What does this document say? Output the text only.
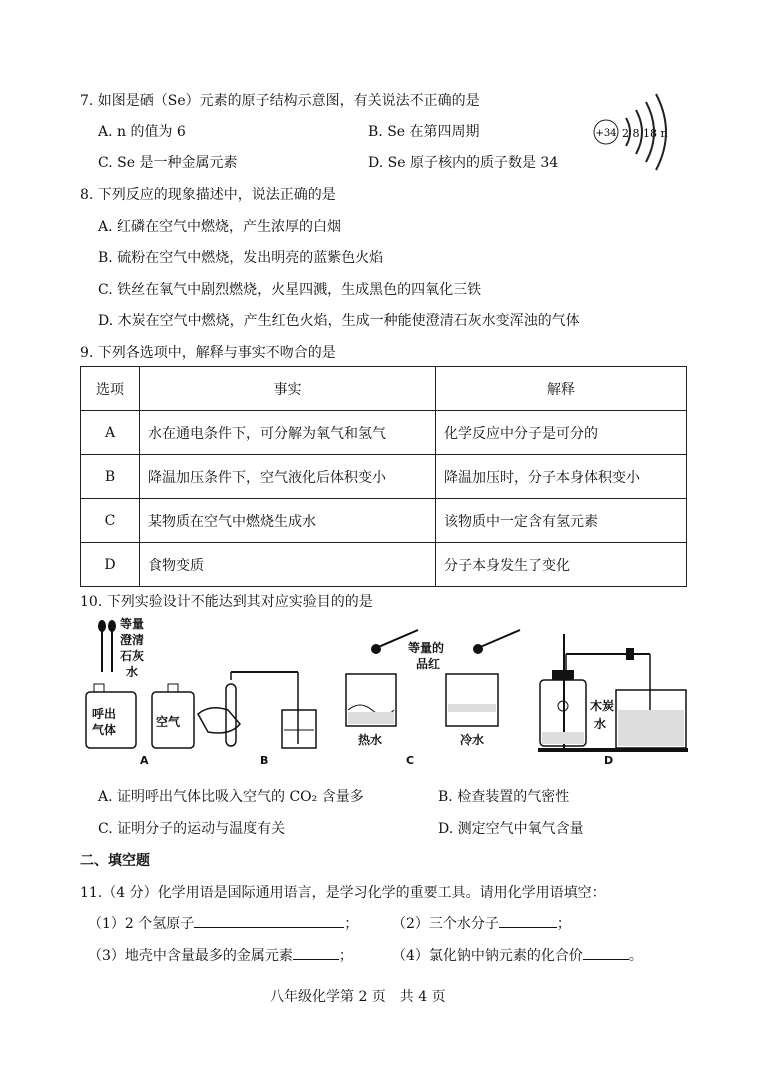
7. 如图是硒（Se）元素的原子结构示意图，有关说法不正确的是
A. n 的值为 6	B. Se 在第四周期
C. Se 是一种金属元素	D. Se 原子核内的质子数是 34
+34 2 8 18 n
8. 下列反应的现象描述中，说法正确的是
A. 红磷在空气中燃烧，产生浓厚的白烟
B. 硫粉在空气中燃烧，发出明亮的蓝紫色火焰
C. 铁丝在氧气中剧烈燃烧，火星四溅，生成黑色的四氧化三铁
D. 木炭在空气中燃烧，产生红色火焰，生成一种能使澄清石灰水变浑浊的气体
9. 下列各选项中，解释与事实不吻合的是
选项	事实	解释
A	水在通电条件下，可分解为氧气和氢气	化学反应中分子是可分的
B	降温加压条件下，空气液化后体积变小	降温加压时，分子本身体积变小
C	某物质在空气中燃烧生成水	该物质中一定含有氢元素
D	食物变质	分子本身发生了变化
10. 下列实验设计不能达到其对应实验目的的是
等量
澄清
石灰
水
呼出
气体
空气
A	B
等量的
品红
热水	冷水
C
木炭
水
D
A. 证明呼出气体比吸入空气的 CO₂ 含量多	B. 检查装置的气密性
C. 证明分子的运动与温度有关	D. 测定空气中氧气含量
二、填空题
11.（4 分）化学用语是国际通用语言，是学习化学的重要工具。请用化学用语填空：
（1）2 个氢原子	； （2）三个水分子	；
（3）地壳中含量最多的金属元素	；	（4）氯化钠中钠元素的化合价	。
八年级化学第 2 页　共 4 页
